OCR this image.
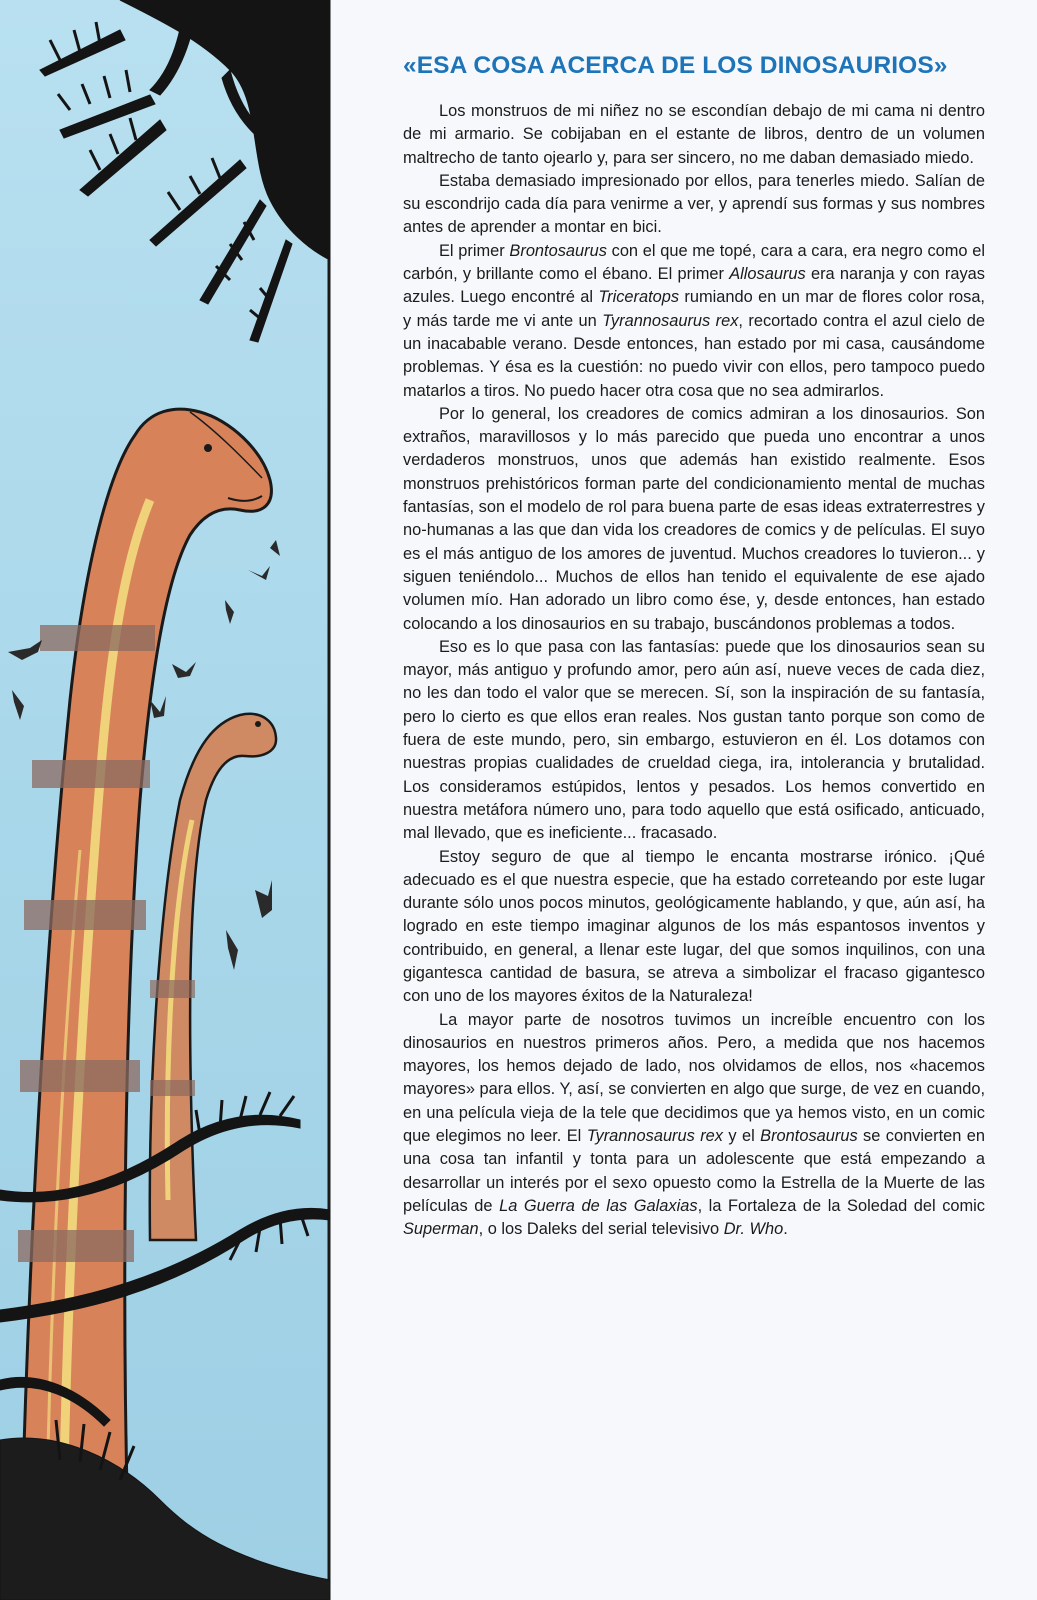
«ESA COSA ACERCA DE LOS DINOSAURIOS»

Los monstruos de mi niñez no se escondían debajo de mi cama ni dentro de mi armario. Se cobijaban en el estante de libros, dentro de un volumen maltrecho de tanto ojearlo y, para ser sincero, no me daban demasiado miedo.

Estaba demasiado impresionado por ellos, para tenerles miedo. Salían de su escondrijo cada día para venirme a ver, y aprendí sus formas y sus nombres antes de aprender a montar en bici.

El primer Brontosaurus con el que me topé, cara a cara, era negro como el carbón, y brillante como el ébano. El primer Allosaurus era naranja y con rayas azules. Luego encontré al Triceratops rumiando en un mar de flores color rosa, y más tarde me vi ante un Tyrannosaurus rex, recortado contra el azul cielo de un inacabable verano. Desde entonces, han estado por mi casa, causándome problemas. Y ésa es la cuestión: no puedo vivir con ellos, pero tampoco puedo matarlos a tiros. No puedo hacer otra cosa que no sea admirarlos.

Por lo general, los creadores de comics admiran a los dinosaurios. Son extraños, maravillosos y lo más parecido que pueda uno encontrar a unos verdaderos monstruos, unos que además han existido realmente. Esos monstruos prehistóricos forman parte del condicionamiento mental de muchas fantasías, son el modelo de rol para buena parte de esas ideas extraterrestres y no-humanas a las que dan vida los creadores de comics y de películas. El suyo es el más antiguo de los amores de juventud. Muchos creadores lo tuvieron... y siguen teniéndolo... Muchos de ellos han tenido el equivalente de ese ajado volumen mío. Han adorado un libro como ése, y, desde entonces, han estado colocando a los dinosaurios en su trabajo, buscándonos problemas a todos.

Eso es lo que pasa con las fantasías: puede que los dinosaurios sean su mayor, más antiguo y profundo amor, pero aún así, nueve veces de cada diez, no les dan todo el valor que se merecen. Sí, son la inspiración de su fantasía, pero lo cierto es que ellos eran reales. Nos gustan tanto porque son como de fuera de este mundo, pero, sin embargo, estuvieron en él. Los dotamos con nuestras propias cualidades de crueldad ciega, ira, intolerancia y brutalidad. Los consideramos estúpidos, lentos y pesados. Los hemos convertido en nuestra metáfora número uno, para todo aquello que está osificado, anticuado, mal llevado, que es ineficiente... fracasado.

Estoy seguro de que al tiempo le encanta mostrarse irónico. ¡Qué adecuado es el que nuestra especie, que ha estado correteando por este lugar durante sólo unos pocos minutos, geológicamente hablando, y que, aún así, ha logrado en este tiempo imaginar algunos de los más espantosos inventos y contribuido, en general, a llenar este lugar, del que somos inquilinos, con una gigantesca cantidad de basura, se atreva a simbolizar el fracaso gigantesco con uno de los mayores éxitos de la Naturaleza!

La mayor parte de nosotros tuvimos un increíble encuentro con los dinosaurios en nuestros primeros años. Pero, a medida que nos hacemos mayores, los hemos dejado de lado, nos olvidamos de ellos, nos «hacemos mayores» para ellos. Y, así, se convierten en algo que surge, de vez en cuando, en una película vieja de la tele que decidimos que ya hemos visto, en un comic que elegimos no leer. El Tyrannosaurus rex y el Brontosaurus se convierten en una cosa tan infantil y tonta para un adolescente que está empezando a desarrollar un interés por el sexo opuesto como la Estrella de la Muerte de las películas de La Guerra de las Galaxias, la Fortaleza de la Soledad del comic Superman, o los Daleks del serial televisivo Dr. Who.
